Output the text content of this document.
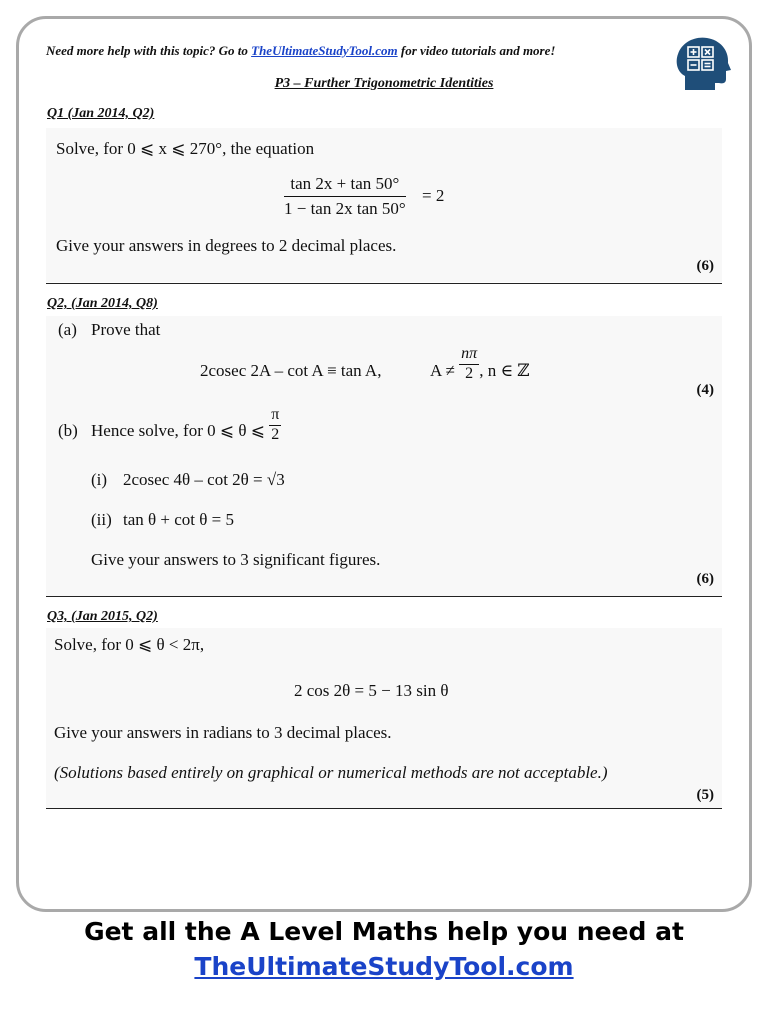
Need more help with this topic? Go to TheUltimateStudyTool.com for video tutorials and more!
P3 – Further Trigonometric Identities
Q1 (Jan 2014, Q2)
Solve, for 0 ⩽ x ⩽ 270°, the equation
$\frac{\tan 2x + \tan 50^\circ}{\text{1 − tan 2x tan 50°}} = 2$
Give your answers in degrees to 2 decimal places.
(6)
Q2, (Jan 2014, Q8)
(a) Prove that
2cosec 2A – cot A ≡ tan A,	$A \ne \frac{n\pi}{2}$ , n ∈ ℤ
(4)
(b) Hence solve, for 0 ⩽ θ ⩽ $\frac{\pi}{2}$
(i) 2cosec 4θ – cot 2θ = √3
(ii) tan θ + cot θ = 5
Give your answers to 3 significant figures.
(6)
Q3, (Jan 2015, Q2)
Solve, for 0 ⩽ θ < 2π,
2 cos 2θ = 5 − 13 sin θ
Give your answers in radians to 3 decimal places.
(Solutions based entirely on graphical or numerical methods are not acceptable.)
(5)
Get all the A Level Maths help you need at
TheUltimateStudyTool.com
